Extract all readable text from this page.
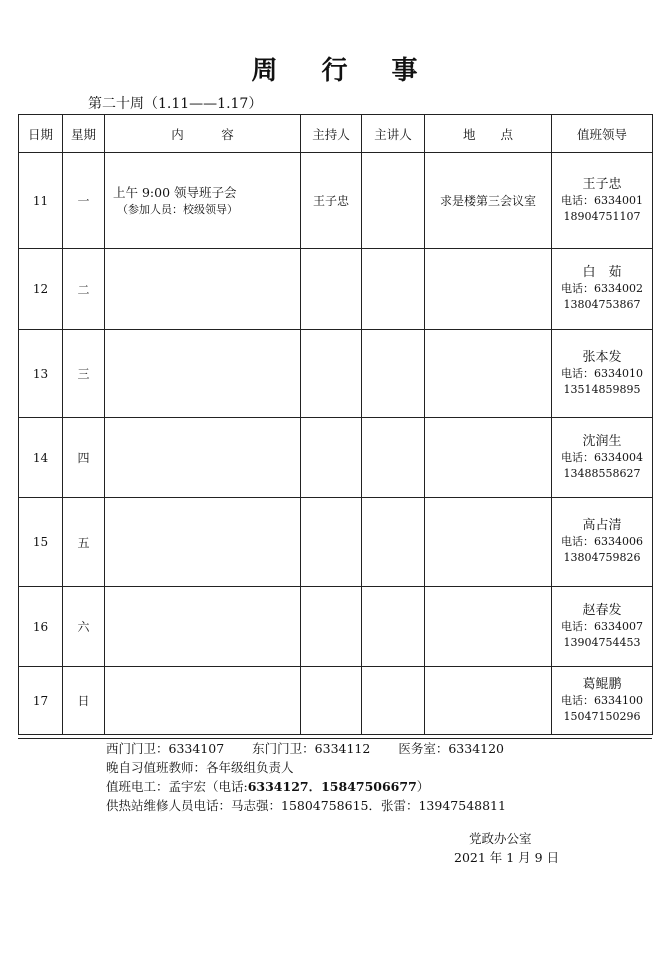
周 行 事
第二十周（1.11——1.17）
日期	星期	内　　　容	主持人	主讲人	地　　点	值班领导
11	一	上午 9:00 领导班子会
（参加人员：校级领导）	王子忠		求是楼第三会议室	王子忠
电话：6334001
18904751107

12	二					白　茹
电话：6334002
13804753867

13	三					张本发
电话：6334010
13514859895

14	四					沈润生
电话：6334004
13488558627

15	五					高占清
电话：6334006
13804759826

16	六					赵春发
电话：6334007
13904754453

17	日					葛鲲鹏
电话：6334100
15047150296
西门门卫：6334107 东门门卫：6334112 医务室：6334120
晚自习值班教师：各年级组负责人
值班电工：孟宇宏（电话:6334127．15847506677）
供热站维修人员电话：马志强：15804758615．张雷：13947548811
党政办公室
2021 年 1 月 9 日
